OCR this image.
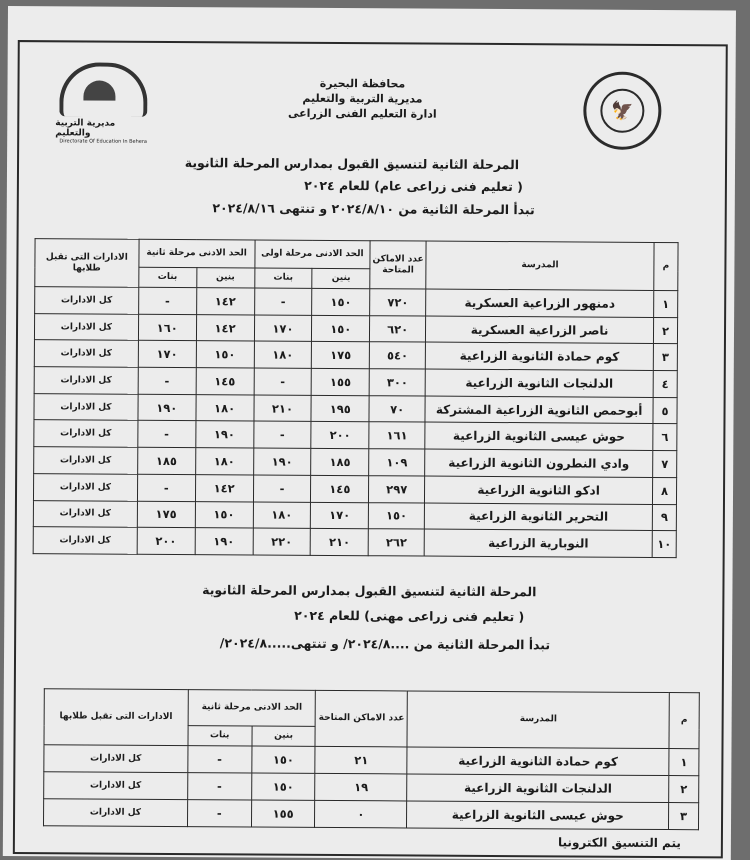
مديرية التربية والتعليم
Directorate Of Education In Behera
🦅
محافظة البحيرة
مديرية التربية والتعليم
ادارة التعليم الفنى الزراعى
المرحلة الثانية لتنسيق القبول بمدارس المرحلة الثانوية
( تعليم فنى زراعى عام) للعام ٢٠٢٤
تبدأ المرحلة الثانية من ٢٠٢٤/٨/١٠ و تنتهى ٢٠٢٤/٨/١٦
م	المدرسة	عدد الاماكن المتاحة	الحد الادنى مرحلة اولى		الحد الادنى مرحلة ثانية		الادارات التى تقبل طلابها
			بنين	بنات	بنين	بنات	
١	دمنهور الزراعية العسكرية	٧٢٠	١٥٠	-	١٤٢	-	كل الادارات
٢	ناصر الزراعية العسكرية	٦٢٠	١٥٠	١٧٠	١٤٢	١٦٠	كل الادارات
٣	كوم حمادة الثانوية الزراعية	٥٤٠	١٧٥	١٨٠	١٥٠	١٧٠	كل الادارات
٤	الدلنجات الثانوية الزراعية	٣٠٠	١٥٥	-	١٤٥	-	كل الادارات
٥	أبوحمص الثانوية الزراعية المشتركة	٧٠	١٩٥	٢١٠	١٨٠	١٩٠	كل الادارات
٦	حوش عيسى الثانوية الزراعية	١٦١	٢٠٠	-	١٩٠	-	كل الادارات
٧	وادي النطرون الثانوية الزراعية	١٠٩	١٨٥	١٩٠	١٨٠	١٨٥	كل الادارات
٨	ادكو الثانوية الزراعية	٢٩٧	١٤٥	-	١٤٢	-	كل الادارات
٩	التحرير الثانوية الزراعية	١٥٠	١٧٠	١٨٠	١٥٠	١٧٥	كل الادارات
١٠	النوبارية الزراعية	٢٦٢	٢١٠	٢٢٠	١٩٠	٢٠٠	كل الادارات
المرحلة الثانية لتنسيق القبول بمدارس المرحلة الثانوية
( تعليم فنى زراعى مهنى) للعام ٢٠٢٤
تبدأ المرحلة الثانية من ....٢٠٢٤/٨/ و تنتهى.....٢٠٢٤/٨/
م	المدرسة	عدد الاماكن المتاحة	الحد الادنى مرحلة ثانية		الادارات التى تقبل طلابها
			بنين	بنات	
١	كوم حمادة الثانوية الزراعية	٢١	١٥٠	-	كل الادارات
٢	الدلنجات الثانوية الزراعية	١٩	١٥٠	-	كل الادارات
٣	حوش عيسى الثانوية الزراعية	٠	١٥٥	-	كل الادارات
يتم التنسيق الكترونيا
